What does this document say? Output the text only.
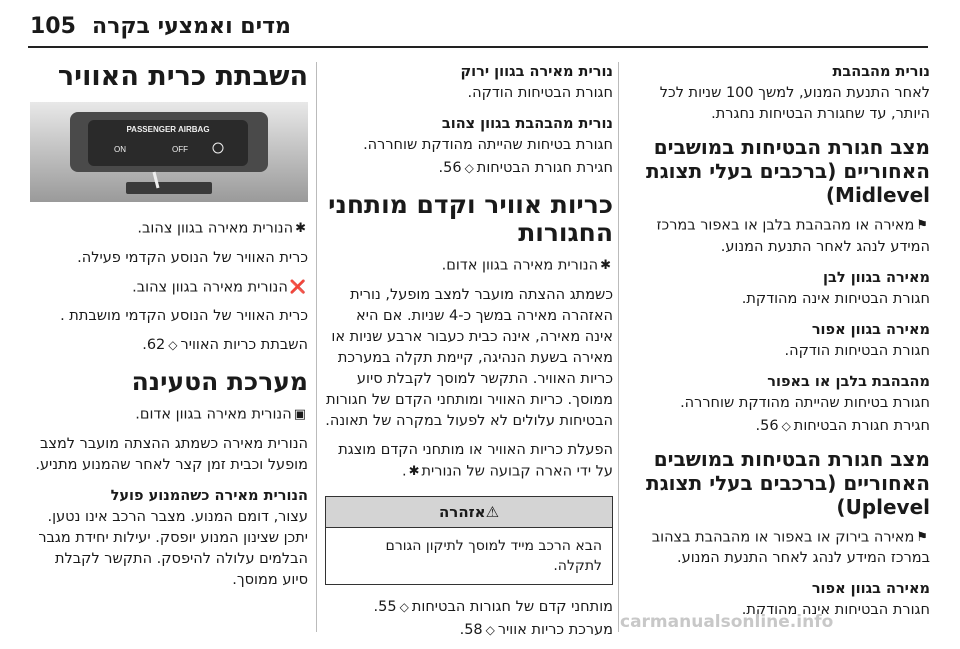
105 מדים ואמצעי בקרה
נורית מהבהבת
לאחר התנעת המנוע, למשך 100 שניות לכל היותר, עד שחגורת הבטיחות נחגרת.
מצב חגורת הבטיחות במושבים האחוריים (ברכבים בעלי תצוגת Midlevel)
⚑מאירה או מהבהבת בלבן או באפור במרכז המידע לנהג לאחר התנעת המנוע.
מאירה בגוון לבן
חגורת הבטיחות אינה מהודקת.
מאירה בגוון אפור
חגורת הבטיחות הודקה.
מהבהבת בלבן או באפור
חגורת בטיחות שהייתה מהודקת שוחררה.
חגירת חגורת הבטיחות◇56.
מצב חגורת הבטיחות במושבים האחוריים (ברכבים בעלי תצוגת Uplevel)
⚑מאירה בירוק או באפור או מהבהבת בצהוב במרכז המידע לנהג לאחר התנעת המנוע.
מאירה בגוון אפור
חגורת הבטיחות אינה מהודקת.
נורית מאירה בגוון ירוק
חגורת הבטיחות הודקה.
נורית מהבהבת בגוון צהוב
חגורת בטיחות שהייתה מהודקת שוחררה.
חגירת חגורת הבטיחות◇56.
כריות אוויר וקדם מותחני החגורות
✱הנורית מאירה בגוון אדום.
כשמתג ההצתה מועבר למצב מופעל, נורית האזהרה מאירה במשך כ-4 שניות. אם היא אינה מאירה, אינה כבית כעבור ארבע שניות או מאירה בשעת הנהיגה, קיימת תקלה במערכת כריות האוויר. התקשר למוסך לקבלת סיוע ממוסך. כריות האוויר ומותחני הקדם של חגורות הבטיחות עלולים לא לפעול במקרה של תאונה.
הפעלת כריות האוויר או מותחני הקדם מוצגת על ידי הארה קבועה של הנורית✱.
⚠אזהרה
הבא הרכב מייד למוסך לתיקון הגורם לתקלה.
מותחני קדם של חגורות הבטיחות◇55.
מערכת כריות אוויר◇58.
השבתת כרית האוויר
PASSENGER AIRBAG
ON	OFF
✱הנורית מאירה בגוון צהוב.
כרית האוויר של הנוסע הקדמי פעילה.
❌הנורית מאירה בגוון צהוב.
כרית האוויר של הנוסע הקדמי מושבתת .
השבתת כריות האוויר◇62.
מערכת הטעינה
▣הנורית מאירה בגוון אדום.
הנורית מאירה כשמתג ההצתה מועבר למצב מופעל וכבית זמן קצר לאחר שהמנוע מתניע.
הנורית מאירה כשהמנוע פועל
עצור, דומם המנוע. מצבר הרכב אינו נטען. יתכן שצינון המנוע יופסק. יעילות יחידת מגבר הבלמים עלולה להיפסק. התקשר לקבלת סיוע ממוסך.
carmanualsonline.info
